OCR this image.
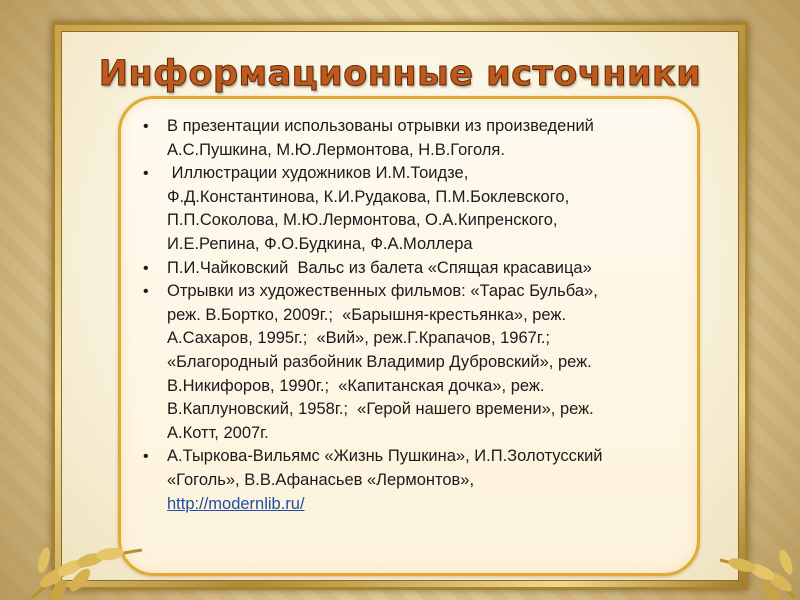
Информационные источники
• В презентации использованы отрывки из произведений
А.С.Пушкина, М.Ю.Лермонтова, Н.В.Гоголя.
• Иллюстрации художников И.М.Тоидзе,
Ф.Д.Константинова, К.И.Рудакова, П.М.Боклевского,
П.П.Соколова, М.Ю.Лермонтова, О.А.Кипренского,
И.Е.Репина, Ф.О.Будкина, Ф.А.Моллера
• П.И.Чайковский  Вальс из балета «Спящая красавица»
• Отрывки из художественных фильмов: «Тарас Бульба»,
реж. В.Бортко, 2009г.;  «Барышня-крестьянка», реж.
А.Сахаров, 1995г.;  «Вий», реж.Г.Крапачов, 1967г.;
«Благородный разбойник Владимир Дубровский», реж.
В.Никифоров, 1990г.;  «Капитанская дочка», реж.
В.Каплуновский, 1958г.;  «Герой нашего времени», реж.
А.Котт, 2007г.
• А.Тыркова-Вильямс «Жизнь Пушкина», И.П.Золотусский
«Гоголь», В.В.Афанасьев «Лермонтов»,
http://modernlib.ru/
